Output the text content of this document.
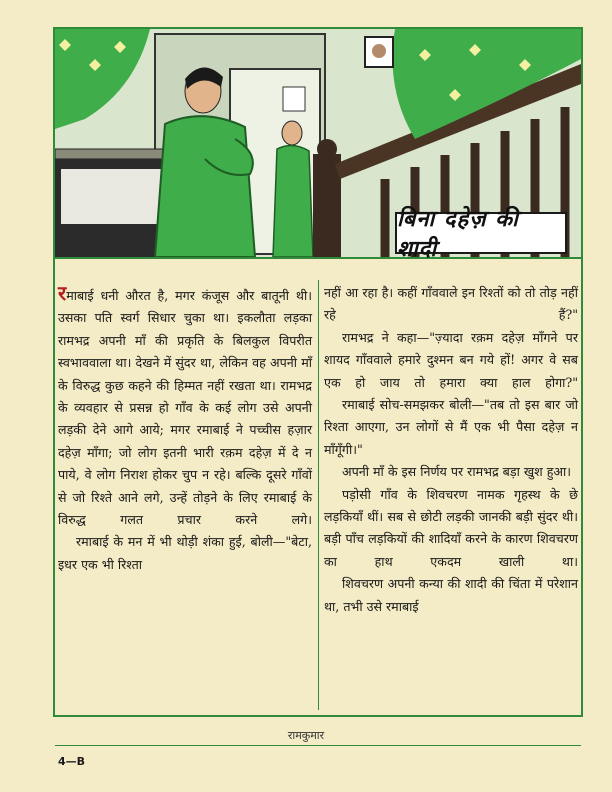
बिना दहेज़ की शादी

रमाबाई धनी औरत है, मगर कंजूस और बातूनी थी। उसका पति स्वर्ग सिधार चुका था। इकलौता लड़का रामभद्र अपनी माँ की प्रकृति के बिलकुल विपरीत स्वभाववाला था। देखने में सुंदर था, लेकिन वह अपनी माँ के विरुद्ध कुछ कहने की हिम्मत नहीं रखता था। रामभद्र के व्यवहार से प्रसन्न हो गाँव के कई लोग उसे अपनी लड़की देने आगे आये; मगर रमाबाई ने पच्चीस हज़ार दहेज़ माँगा; जो लोग इतनी भारी रक़म दहेज़ में दे न पाये, वे लोग निराश होकर चुप न रहे। बल्कि दूसरे गाँवों से जो रिश्ते आने लगे, उन्हें तोड़ने के लिए रमाबाई के विरुद्ध गलत प्रचार करने लगे।

रमाबाई के मन में भी थोड़ी शंका हुई, बोली—"बेटा, इधर एक भी रिश्ता

नहीं आ रहा है। कहीं गाँववाले इन रिश्तों को तो तोड़ नहीं रहे हैं?"

रामभद्र ने कहा—"ज़्यादा रक़म दहेज़ माँगने पर शायद गाँववाले हमारे दुश्मन बन गये हों! अगर वे सब एक हो जाय तो हमारा क्या हाल होगा?"

रमाबाई सोच-समझकर बोली—"तब तो इस बार जो रिश्ता आएगा, उन लोगों से मैं एक भी पैसा दहेज़ न माँगूँगी।"

अपनी माँ के इस निर्णय पर रामभद्र बड़ा खुश हुआ।

पड़ोसी गाँव के शिवचरण नामक गृहस्थ के छे लड़कियाँ थीं। सब से छोटी लड़की जानकी बड़ी सुंदर थी। बड़ी पाँच लड़कियों की शादियाँ करने के कारण शिवचरण का हाथ एकदम खाली था।

शिवचरण अपनी कन्या की शादी की चिंता में परेशान था, तभी उसे रमाबाई

रामकुमार
4—B
